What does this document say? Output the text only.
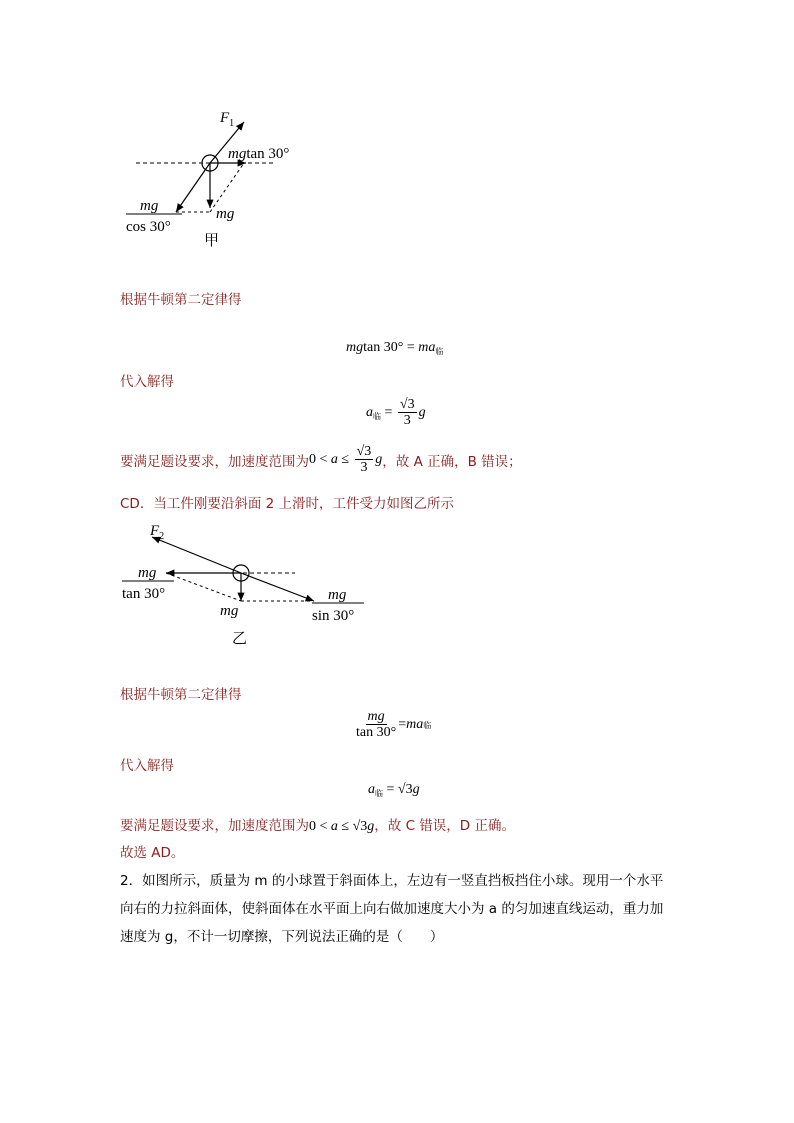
$F_1$
mgtan 30°
mg
mg
cos 30°
甲
根据牛顿第二定律得
mgtan $30^\circ = ma_临$
代入解得
$a_临 = \frac{√3}{3}$ g
要满足题设要求，加速度范围为 $0 < a \le \frac{√3}{3}$ g ，故 A 正确，B 错误；
CD．当工件刚要沿斜面 2 上滑时，工件受力如图乙所示
$F_2$
mg
tan 30°
mg
mg
sin 30°
乙
根据牛顿第二定律得
$\frac{mg}{\tan 30^\circ}$ = ma 临
代入解得
$a_临 = √3g$
要满足题设要求，加速度范围为0 < a ≤ √3g，故 C 错误，D 正确。
故选 AD。
2．如图所示，质量为 m 的小球置于斜面体上，左边有一竖直挡板挡住小球。现用一个水平
向右的力拉斜面体，使斜面体在水平面上向右做加速度大小为 a 的匀加速直线运动，重力加
速度为 g，不计一切摩擦，下列说法正确的是（　　）
